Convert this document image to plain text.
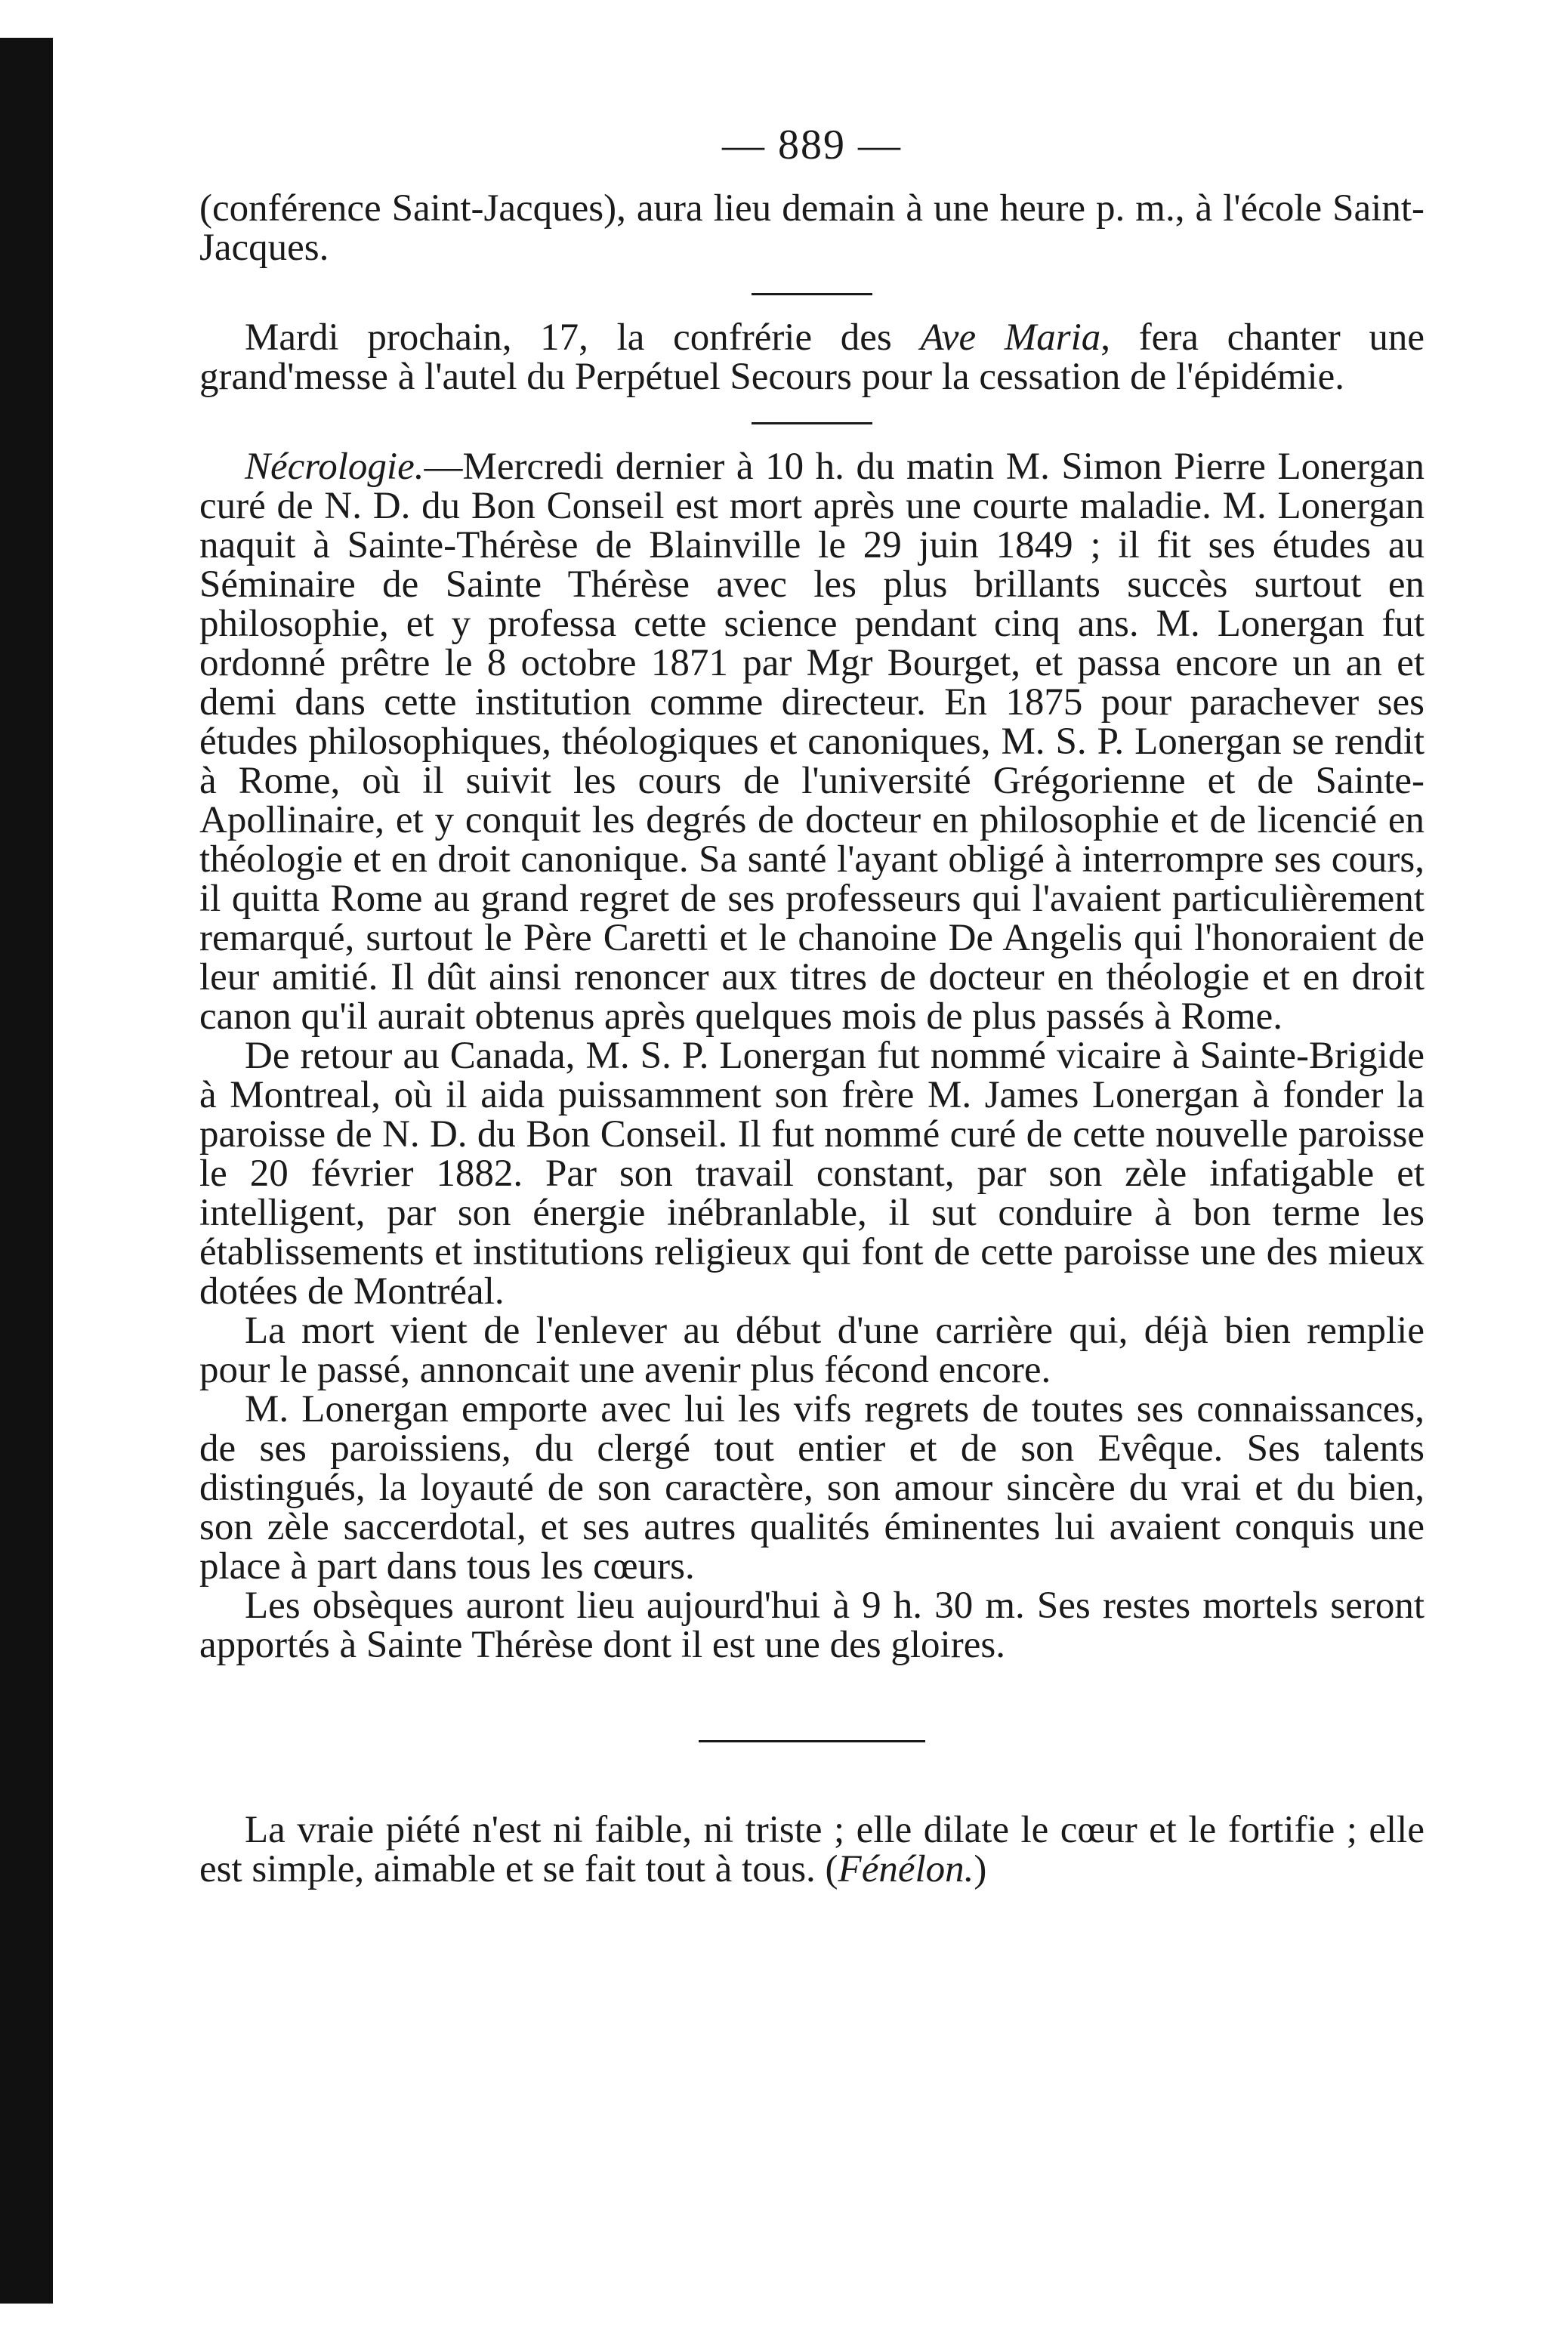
— 889 —

(conférence Saint-Jacques), aura lieu demain à une heure p. m., à l'école Saint-Jacques.

Mardi prochain, 17, la confrérie des Ave Maria, fera chanter une grand'messe à l'autel du Perpétuel Secours pour la cessation de l'épidémie.

Nécrologie.—Mercredi dernier à 10 h. du matin M. Simon Pierre Lonergan curé de N. D. du Bon Conseil est mort après une courte maladie. M. Lonergan naquit à Sainte-Thérèse de Blainville le 29 juin 1849 ; il fit ses études au Séminaire de Sainte Thérèse avec les plus brillants succès surtout en philosophie, et y professa cette science pendant cinq ans. M. Lonergan fut ordonné prêtre le 8 octobre 1871 par Mgr Bourget, et passa encore un an et demi dans cette institution comme directeur. En 1875 pour parachever ses études philosophiques, théologiques et canoniques, M. S. P. Lonergan se rendit à Rome, où il suivit les cours de l'université Grégorienne et de Sainte-Apollinaire, et y conquit les degrés de docteur en philosophie et de licencié en théologie et en droit canonique. Sa santé l'ayant obligé à interrompre ses cours, il quitta Rome au grand regret de ses professeurs qui l'avaient particulièrement remarqué, surtout le Père Caretti et le chanoine De Angelis qui l'honoraient de leur amitié. Il dût ainsi renoncer aux titres de docteur en théologie et en droit canon qu'il aurait obtenus après quelques mois de plus passés à Rome.

De retour au Canada, M. S. P. Lonergan fut nommé vicaire à Sainte-Brigide à Montreal, où il aida puissamment son frère M. James Lonergan à fonder la paroisse de N. D. du Bon Conseil. Il fut nommé curé de cette nouvelle paroisse le 20 février 1882. Par son travail constant, par son zèle infatigable et intelligent, par son énergie inébranlable, il sut conduire à bon terme les établissements et institutions religieux qui font de cette paroisse une des mieux dotées de Montréal.

La mort vient de l'enlever au début d'une carrière qui, déjà bien remplie pour le passé, annoncait une avenir plus fécond encore.

M. Lonergan emporte avec lui les vifs regrets de toutes ses connaissances, de ses paroissiens, du clergé tout entier et de son Evêque. Ses talents distingués, la loyauté de son caractère, son amour sincère du vrai et du bien, son zèle saccerdotal, et ses autres qualités éminentes lui avaient conquis une place à part dans tous les cœurs.

Les obsèques auront lieu aujourd'hui à 9 h. 30 m. Ses restes mortels seront apportés à Sainte Thérèse dont il est une des gloires.

La vraie piété n'est ni faible, ni triste ; elle dilate le cœur et le fortifie ; elle est simple, aimable et se fait tout à tous. (Fénélon.)
